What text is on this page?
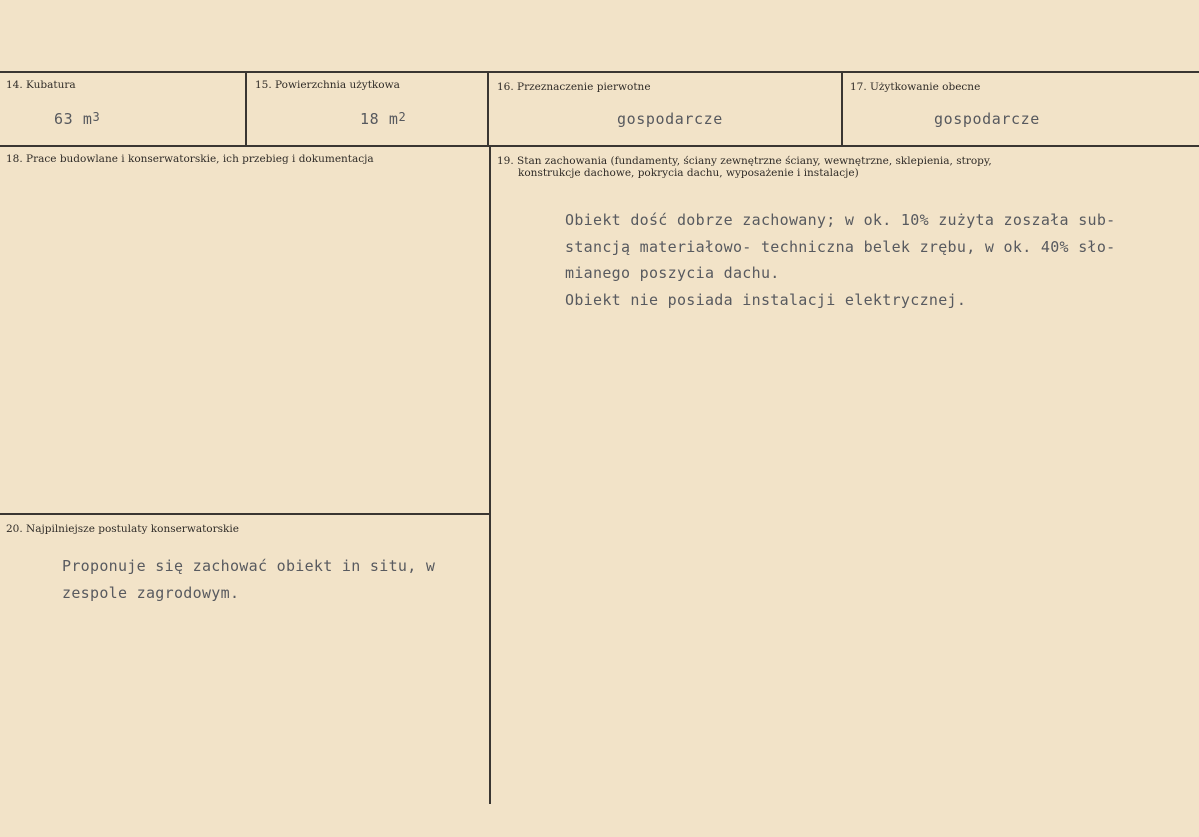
14. Kubatura
63 $m^3$
15. Powierzchnia użytkowa
18 $m^2$
16. Przeznaczenie pierwotne
gospodarcze
17. Użytkowanie obecne
gospodarcze
18. Prace budowlane i konserwatorskie, ich przebieg i dokumentacja	19. Stan zachowania (fundamenty, ściany zewnętrzne ściany, wewnętrzne, sklepienia, stropy,
konstrukcje dachowe, pokrycia dachu, wyposażenie i instalacje)
Obiekt dość dobrze zachowany; w ok. 10% zużyta zoszała sub-
stancją materiałowo- techniczna belek zrębu, w ok. 40% sło-
mianego poszycia dachu.
Obiekt nie posiada instalacji elektrycznej.
20. Najpilniejsze postulaty konserwatorskie
Proponuje się zachować obiekt in situ, w
zespole zagrodowym.
